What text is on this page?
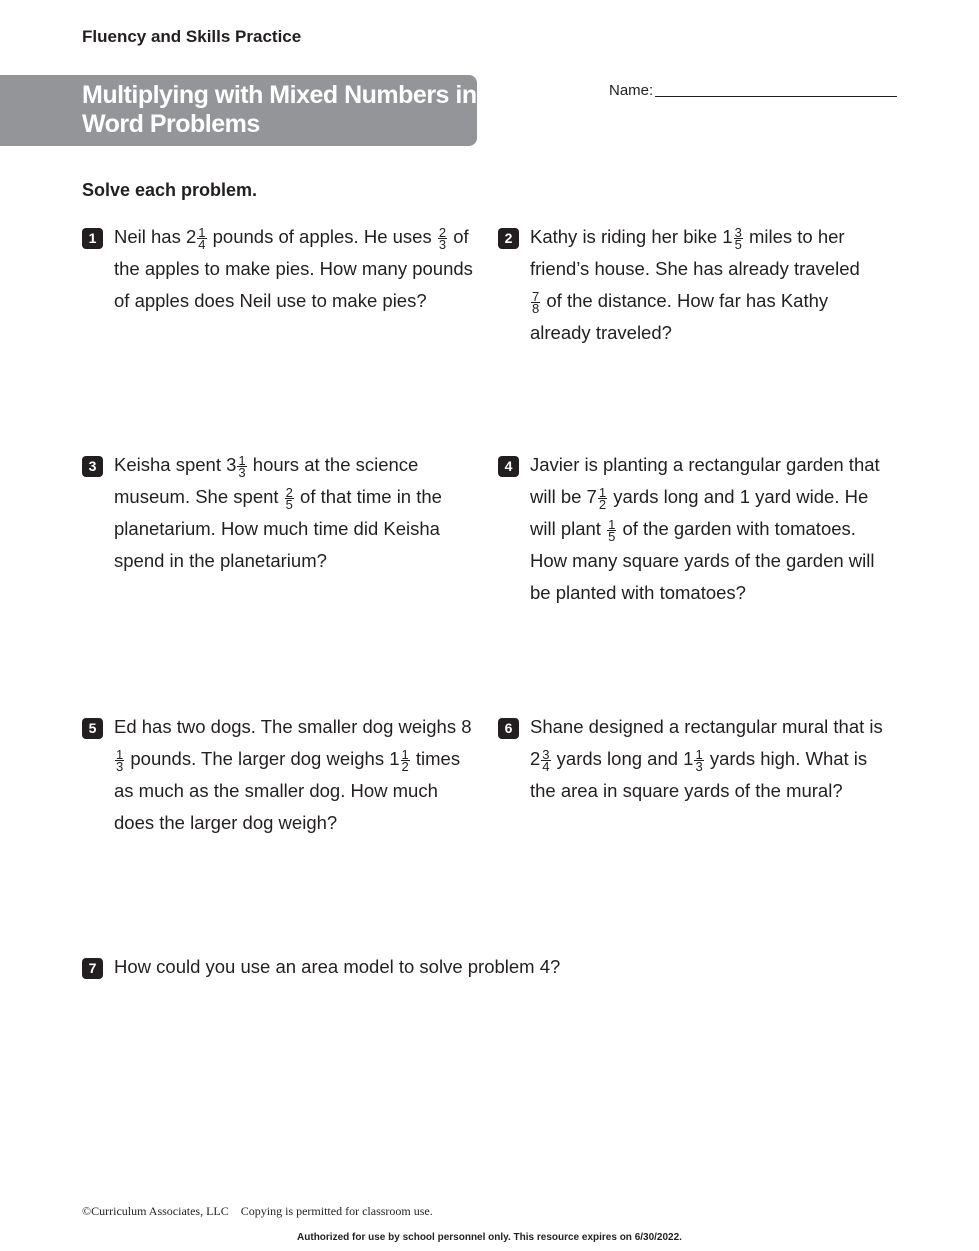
Fluency and Skills Practice
Multiplying with Mixed Numbers in Word Problems
Name:
Solve each problem.
1 Neil has $2 \frac{1}{4}$ pounds of apples. He uses $\frac{2}{3}$ of the apples to make pies. How many pounds of apples does Neil use to make pies?
2 Kathy is riding her bike $1 \frac{3}{5}$ miles to her friend’s house. She has already traveled
$\frac{7}{8}$ of the distance. How far has Kathy already traveled?
3 Keisha spent $3 \frac{1}{3}$ hours at the science museum. She spent $\frac{2}{5}$ of that time in the planetarium. How much time did Keisha spend in the planetarium?
4 Javier is planting a rectangular garden that will be $7 \frac{1}{2}$ yards long and 1 yard wide. He will plant $\frac{1}{5}$ of the garden with tomatoes. How many square yards of the garden will be planted with tomatoes?
5 Ed has two dogs. The smaller dog weighs 8
$\frac{1}{3}$ pounds. The larger dog weighs $1 \frac{1}{2}$ times as much as the smaller dog. How much does the larger dog weigh?
6 Shane designed a rectangular mural that is $2 \frac{3}{4}$ yards long and $1 \frac{1}{3}$ yards high. What is the area in square yards of the mural?
7 How could you use an area model to solve problem 4?
©Curriculum Associates, LLC    Copying is permitted for classroom use.
Authorized for use by school personnel only. This resource expires on 6/30/2022.
